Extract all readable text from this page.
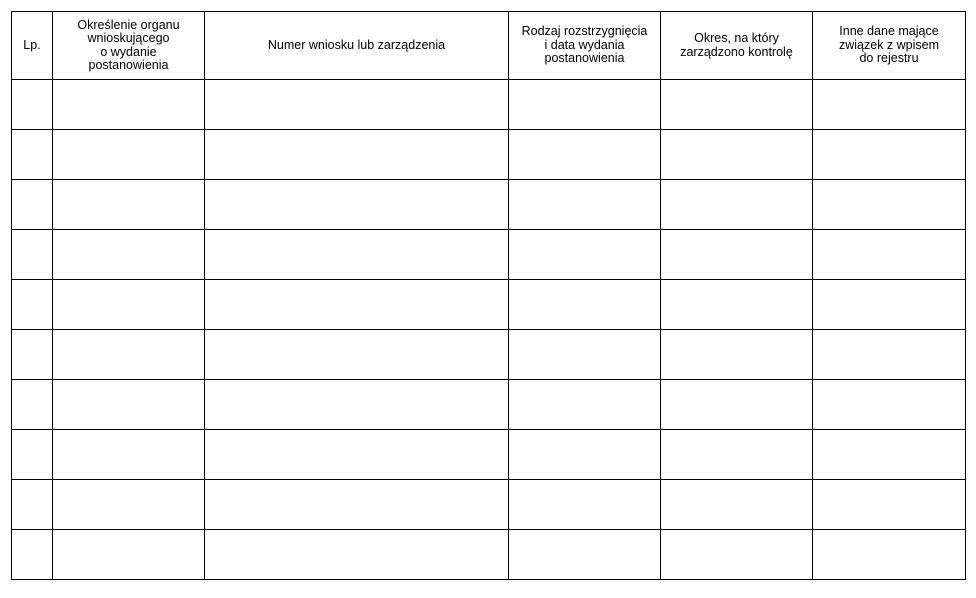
Lp.	Określenie organu
wnioskującego
o wydanie
postanowienia	Numer wniosku lub zarządzenia	Rodzaj rozstrzygnięcia
i data wydania
postanowienia	Okres, na który
zarządzono kontrolę	Inne dane mające
związek z wpisem
do rejestru
